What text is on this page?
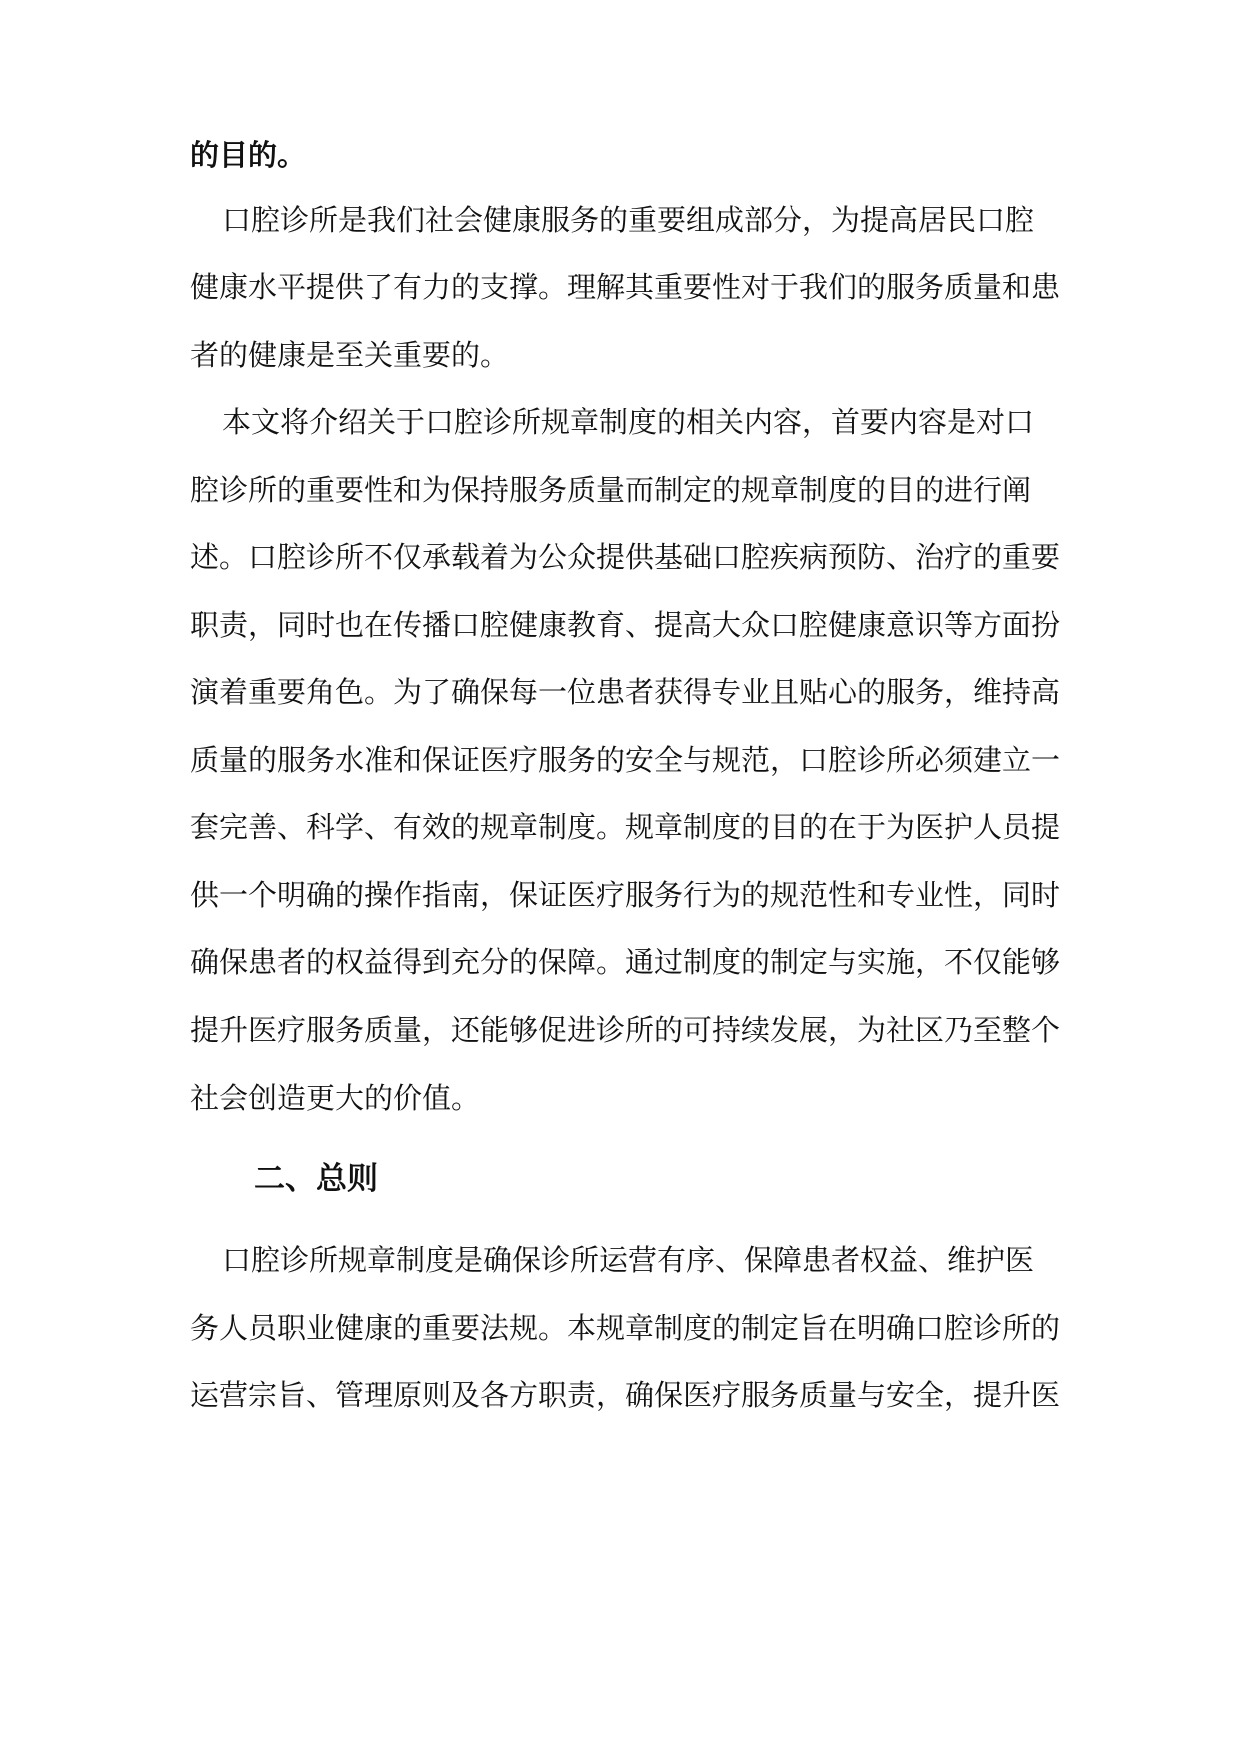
的目的。
口腔诊所是我们社会健康服务的重要组成部分，为提高居民口腔
健康水平提供了有力的支撑。理解其重要性对于我们的服务质量和患
者的健康是至关重要的。
本文将介绍关于口腔诊所规章制度的相关内容，首要内容是对口
腔诊所的重要性和为保持服务质量而制定的规章制度的目的进行阐
述。口腔诊所不仅承载着为公众提供基础口腔疾病预防、治疗的重要
职责，同时也在传播口腔健康教育、提高大众口腔健康意识等方面扮
演着重要角色。为了确保每一位患者获得专业且贴心的服务，维持高
质量的服务水准和保证医疗服务的安全与规范，口腔诊所必须建立一
套完善、科学、有效的规章制度。规章制度的目的在于为医护人员提
供一个明确的操作指南，保证医疗服务行为的规范性和专业性，同时
确保患者的权益得到充分的保障。通过制度的制定与实施，不仅能够
提升医疗服务质量，还能够促进诊所的可持续发展，为社区乃至整个
社会创造更大的价值。
二、总则
口腔诊所规章制度是确保诊所运营有序、保障患者权益、维护医
务人员职业健康的重要法规。本规章制度的制定旨在明确口腔诊所的
运营宗旨、管理原则及各方职责，确保医疗服务质量与安全，提升医
